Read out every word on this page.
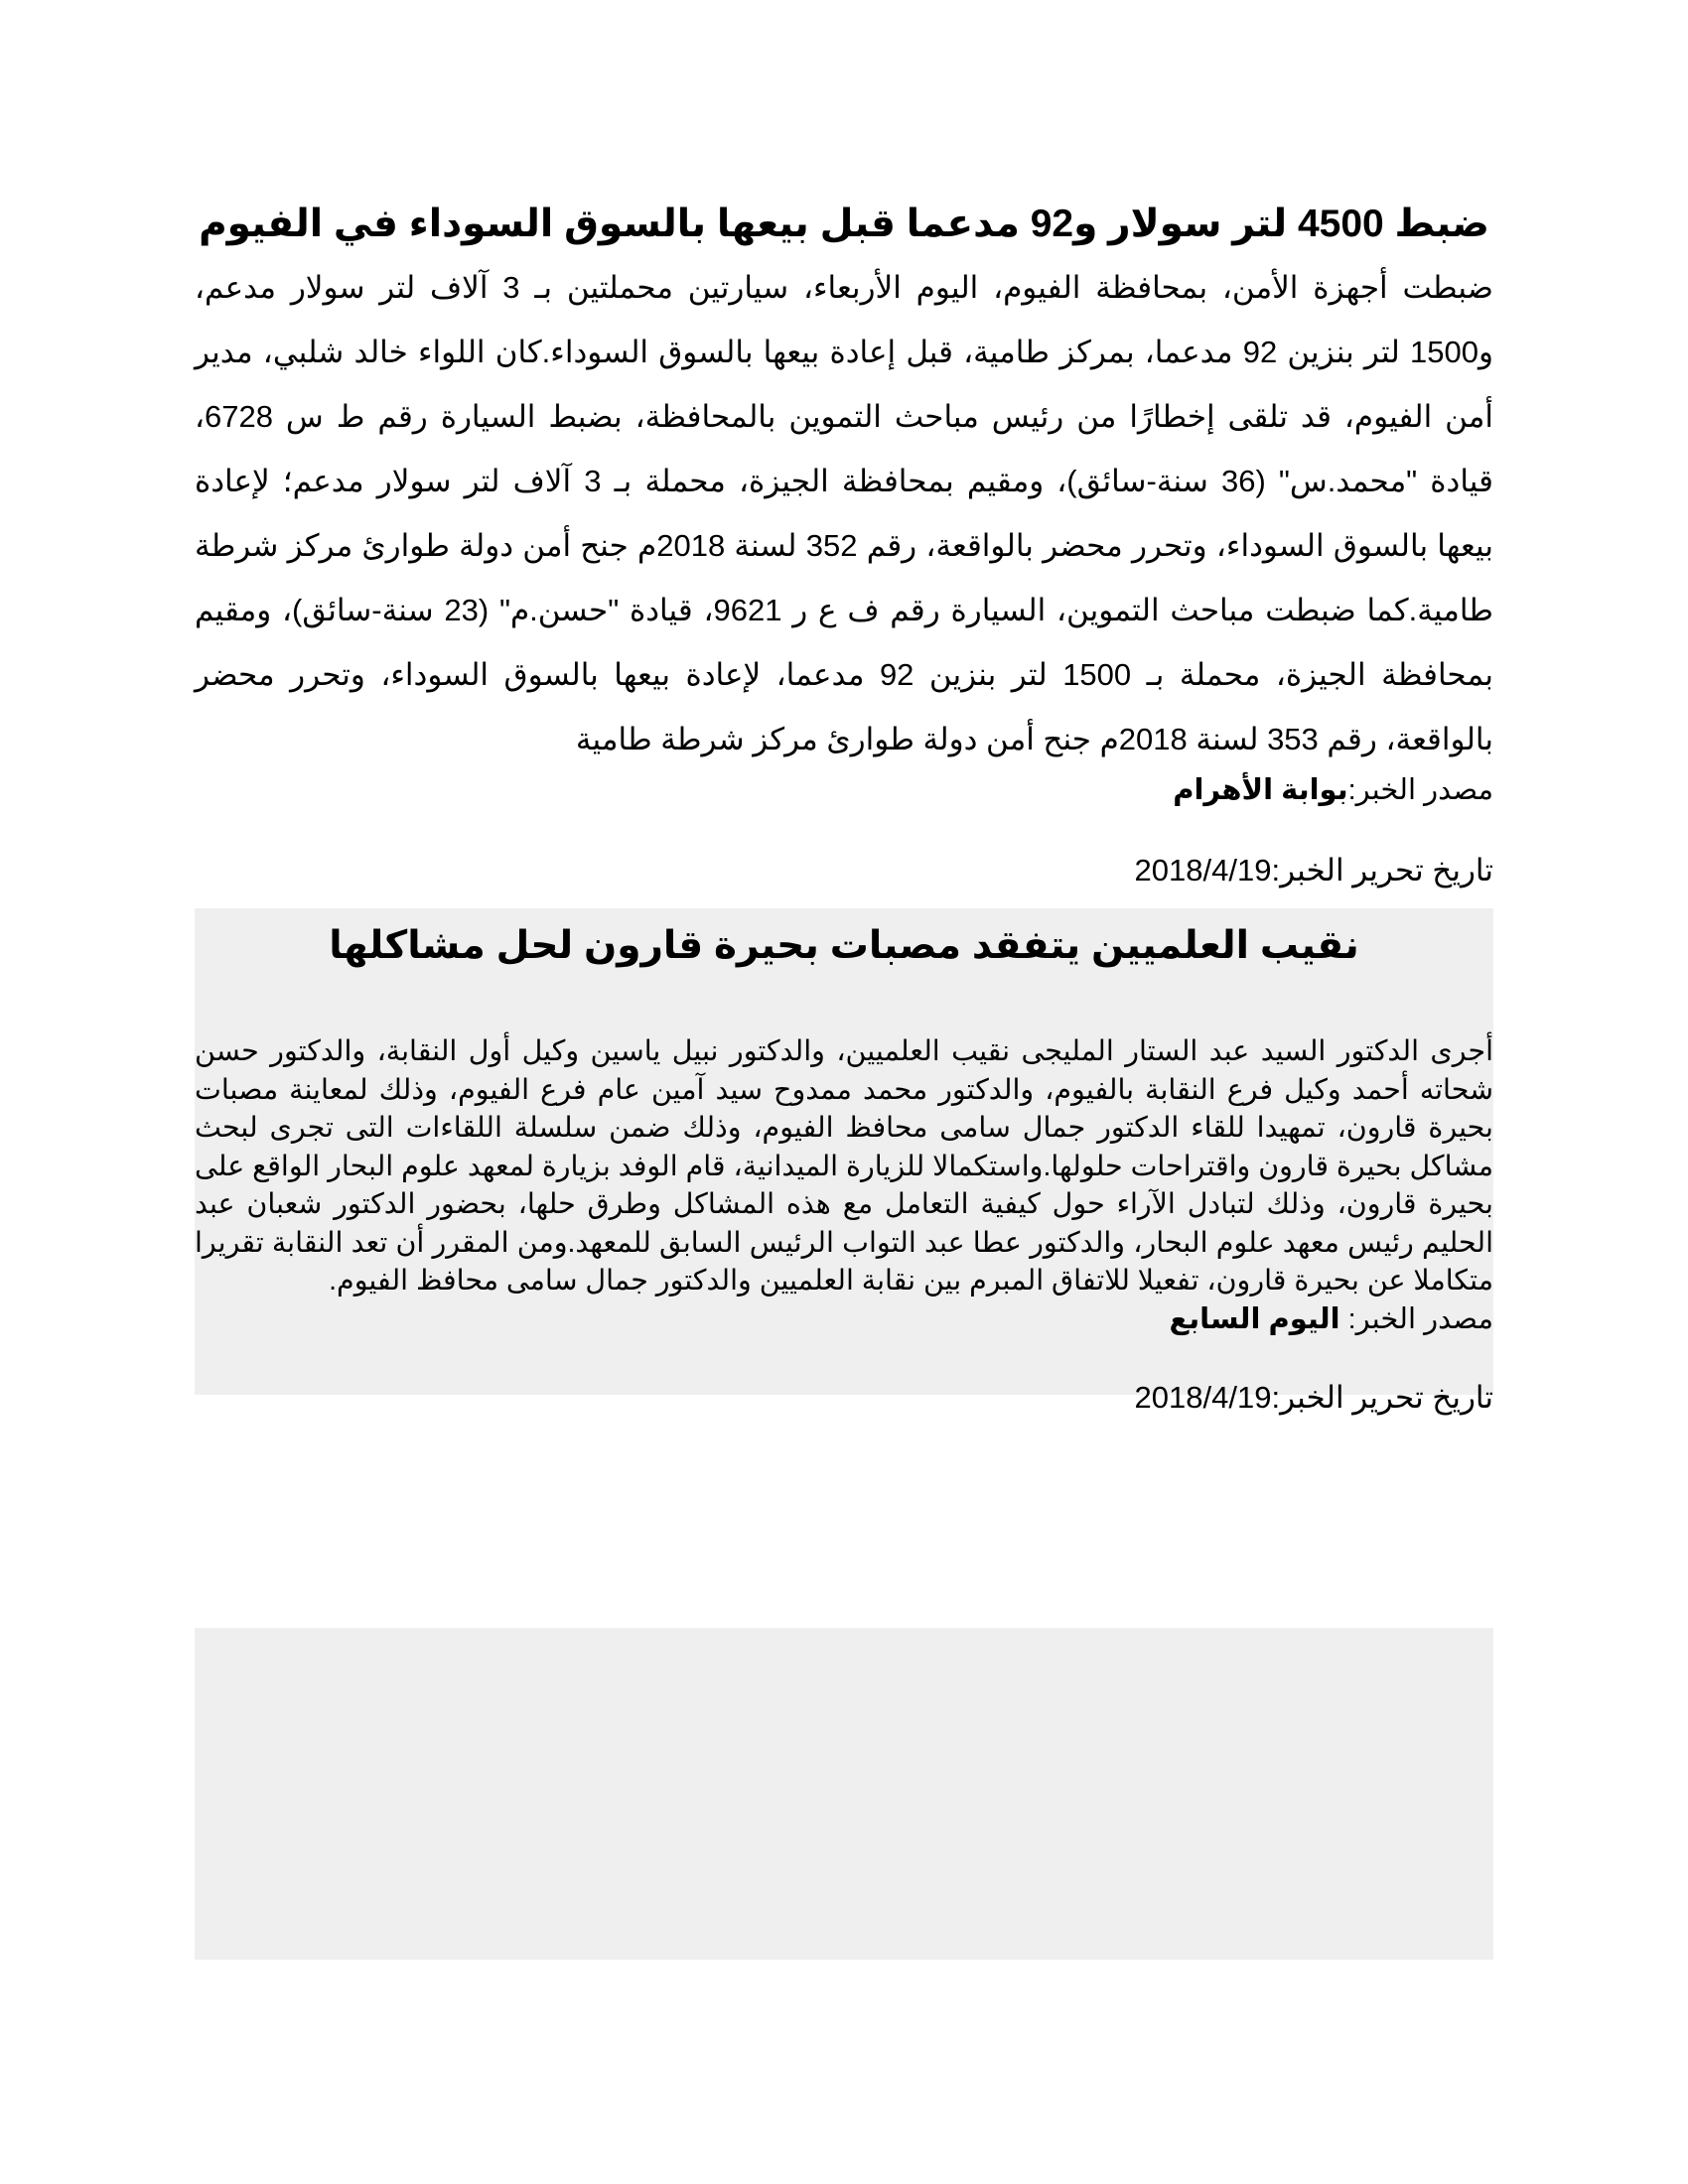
ضبط 4500 لتر سولار و92 مدعما قبل بيعها بالسوق السوداء في الفيوم

ضبطت أجهزة الأمن، بمحافظة الفيوم، اليوم الأربعاء، سيارتين محملتين بـ 3 آلاف لتر سولار مدعم، و1500 لتر بنزين 92 مدعما، بمركز طامية، قبل إعادة بيعها بالسوق السوداء.كان اللواء خالد شلبي، مدير أمن الفيوم، قد تلقى إخطارًا من رئيس مباحث التموين بالمحافظة، بضبط السيارة رقم ط س 6728، قيادة "محمد.س" (36 سنة-سائق)، ومقيم بمحافظة الجيزة، محملة بـ 3 آلاف لتر سولار مدعم؛ لإعادة بيعها بالسوق السوداء، وتحرر محضر بالواقعة، رقم 352 لسنة 2018م جنح أمن دولة طوارئ مركز شرطة طامية.كما ضبطت مباحث التموين، السيارة رقم ف ع ر 9621، قيادة "حسن.م" (23 سنة-سائق)، ومقيم بمحافظة الجيزة، محملة بـ 1500 لتر بنزين 92 مدعما، لإعادة بيعها بالسوق السوداء، وتحرر محضر بالواقعة، رقم 353 لسنة 2018م جنح أمن دولة طوارئ مركز شرطة طامية

مصدر الخبر:بوابة الأهرام

تاريخ تحرير الخبر:2018/4/19

نقيب العلميين يتفقد مصبات بحيرة قارون لحل مشاكلها

أجرى الدكتور السيد عبد الستار المليجى نقيب العلميين، والدكتور نبيل ياسين وكيل أول النقابة، والدكتور حسن شحاته أحمد وكيل فرع النقابة بالفيوم، والدكتور محمد ممدوح سيد آمين عام فرع الفيوم، وذلك لمعاينة مصبات بحيرة قارون، تمهيدا للقاء الدكتور جمال سامى محافظ الفيوم، وذلك ضمن سلسلة اللقاءات التى تجرى لبحث مشاكل بحيرة قارون واقتراحات حلولها.واستكمالا للزيارة الميدانية، قام الوفد بزيارة لمعهد علوم البحار الواقع على بحيرة قارون، وذلك لتبادل الآراء حول كيفية التعامل مع هذه المشاكل وطرق حلها، بحضور الدكتور شعبان عبد الحليم رئيس معهد علوم البحار، والدكتور عطا عبد التواب الرئيس السابق للمعهد.ومن المقرر أن تعد النقابة تقريرا متكاملا عن بحيرة قارون، تفعيلا للاتفاق المبرم بين نقابة العلميين والدكتور جمال سامى محافظ الفيوم.

مصدر الخبر: اليوم السابع

تاريخ تحرير الخبر:2018/4/19
